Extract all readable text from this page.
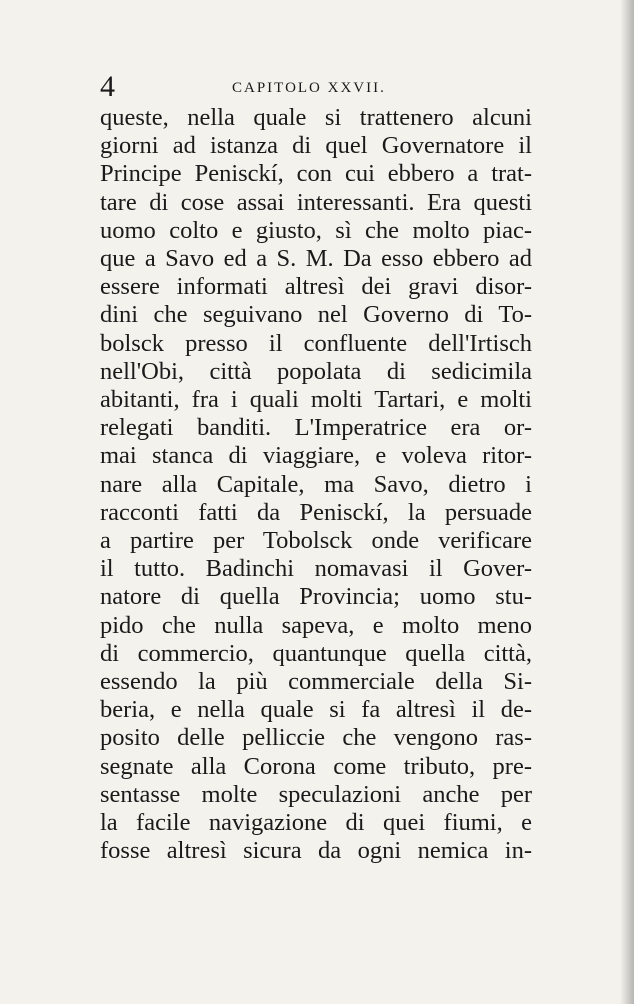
4	CAPITOLO XXVII.
queste, nella quale si trattenero alcuni
giorni ad istanza di quel Governatore il
Principe Penisckí, con cui ebbero a trat-
tare di cose assai interessanti. Era questi
uomo colto e giusto, sì che molto piac-
que a Savo ed a S. M. Da esso ebbero ad
essere informati altresì dei gravi disor-
dini che seguivano nel Governo di To-
bolsck presso il confluente dell'Irtisch
nell'Obi, città popolata di sedicimila
abitanti, fra i quali molti Tartari, e molti
relegati banditi. L'Imperatrice era or-
mai stanca di viaggiare, e voleva ritor-
nare alla Capitale, ma Savo, dietro i
racconti fatti da Penisckí, la persuade
a partire per Tobolsck onde verificare
il tutto. Badinchi nomavasi il Gover-
natore di quella Provincia; uomo stu-
pido che nulla sapeva, e molto meno
di commercio, quantunque quella città,
essendo la più commerciale della Si-
beria, e nella quale si fa altresì il de-
posito delle pelliccie che vengono ras-
segnate alla Corona come tributo, pre-
sentasse molte speculazioni anche per
la facile navigazione di quei fiumi, e
fosse altresì sicura da ogni nemica in-
